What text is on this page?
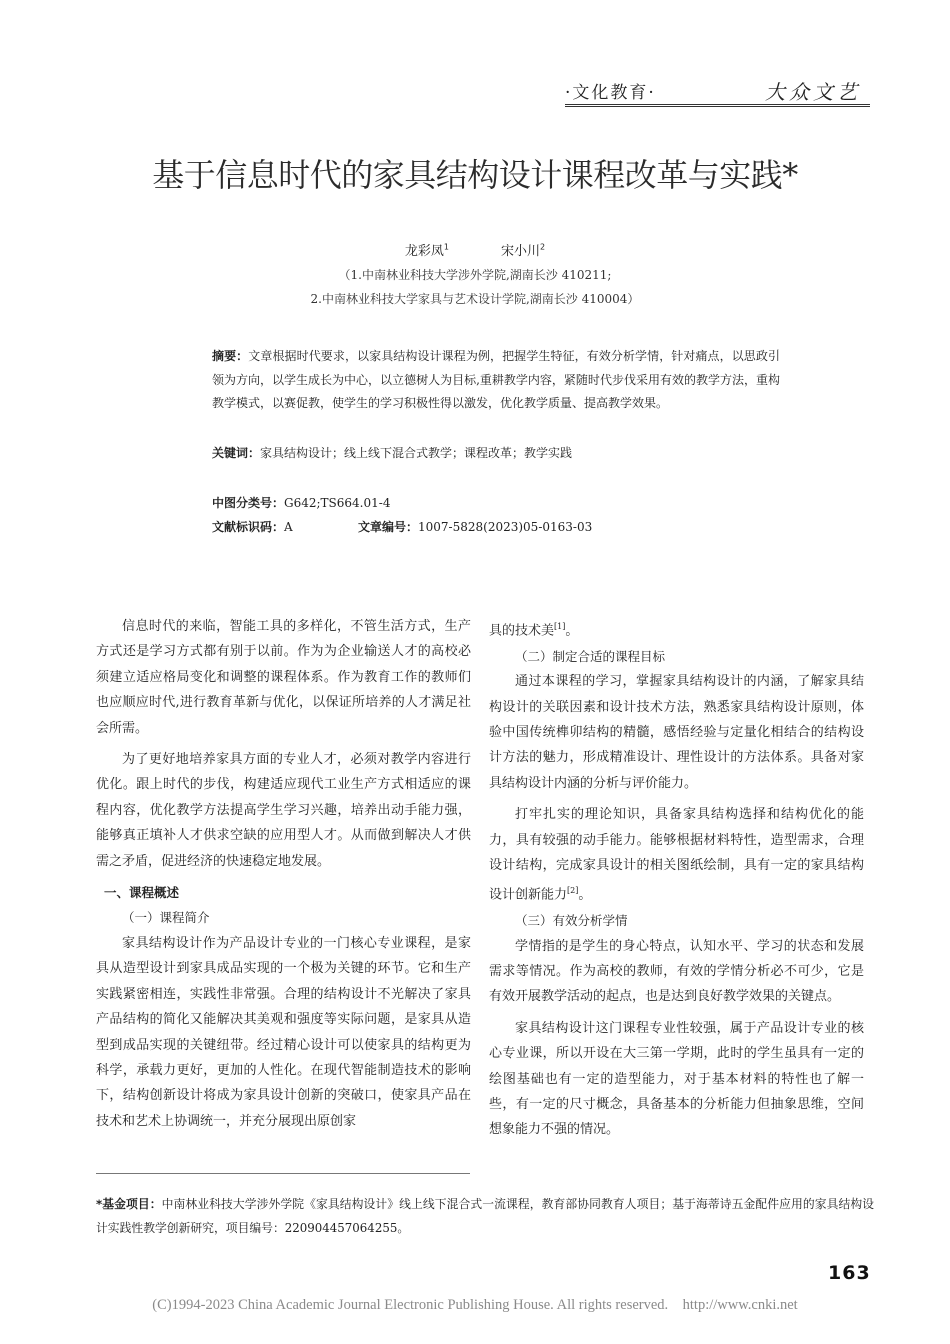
·文化教育·	大众文艺
基于信息时代的家具结构设计课程改革与实践*
龙彩凤$^1$	宋小川$^2$
（1.中南林业科技大学涉外学院,湖南长沙 410211;
2.中南林业科技大学家具与艺术设计学院,湖南长沙 410004）
摘要：文章根据时代要求，以家具结构设计课程为例，把握学生特征，有效分析学情，针对痛点，以思政引领为方向，以学生成长为中心，以立德树人为目标,重耕教学内容，紧随时代步伐采用有效的教学方法，重构教学模式，以赛促教，使学生的学习积极性得以激发，优化教学质量、提高教学效果。
关键词：家具结构设计；线上线下混合式教学；课程改革；教学实践
中图分类号：G642;TS664.01-4
文献标识码：A	文章编号：1007-5828(2023)05-0163-03

信息时代的来临，智能工具的多样化，不管生活方式，生产方式还是学习方式都有别于以前。作为为企业输送人才的高校必须建立适应格局变化和调整的课程体系。作为教育工作的教师们也应顺应时代,进行教育革新与优化，以保证所培养的人才满足社会所需。

为了更好地培养家具方面的专业人才，必须对教学内容进行优化。跟上时代的步伐，构建适应现代工业生产方式相适应的课程内容，优化教学方法提高学生学习兴趣，培养出动手能力强，能够真正填补人才供求空缺的应用型人才。从而做到解决人才供需之矛盾，促进经济的快速稳定地发展。

一、课程概述

（一）课程简介

家具结构设计作为产品设计专业的一门核心专业课程，是家具从造型设计到家具成品实现的一个极为关键的环节。它和生产实践紧密相连，实践性非常强。合理的结构设计不光解决了家具产品结构的简化又能解决其美观和强度等实际问题，是家具从造型到成品实现的关键纽带。经过精心设计可以使家具的结构更为科学，承载力更好，更加的人性化。在现代智能制造技术的影响下，结构创新设计将成为家具设计创新的突破口，使家具产品在技术和艺术上协调统一，并充分展现出原创家

具的技术美[1]。

（二）制定合适的课程目标

通过本课程的学习，掌握家具结构设计的内涵，了解家具结构设计的关联因素和设计技术方法，熟悉家具结构设计原则，体验中国传统榫卯结构的精髓，感悟经验与定量化相结合的结构设计方法的魅力，形成精准设计、理性设计的方法体系。具备对家具结构设计内涵的分析与评价能力。

打牢扎实的理论知识，具备家具结构选择和结构优化的能力，具有较强的动手能力。能够根据材料特性，造型需求，合理设计结构，完成家具设计的相关图纸绘制，具有一定的家具结构设计创新能力[2]。

（三）有效分析学情

学情指的是学生的身心特点，认知水平、学习的状态和发展需求等情况。作为高校的教师，有效的学情分析必不可少，它是有效开展教学活动的起点，也是达到良好教学效果的关键点。

家具结构设计这门课程专业性较强，属于产品设计专业的核心专业课，所以开设在大三第一学期，此时的学生虽具有一定的绘图基础也有一定的造型能力，对于基本材料的特性也了解一些，有一定的尺寸概念，具备基本的分析能力但抽象思维，空间想象能力不强的情况。

*基金项目：中南林业科技大学涉外学院《家具结构设计》线上线下混合式一流课程，教育部协同教育人项目；基于海蒂诗五金配件应用的家具结构设计实践性教学创新研究，项目编号：220904457064255。
163
(C)1994-2023 China Academic Journal Electronic Publishing House. All rights reserved.    http://www.cnki.net
